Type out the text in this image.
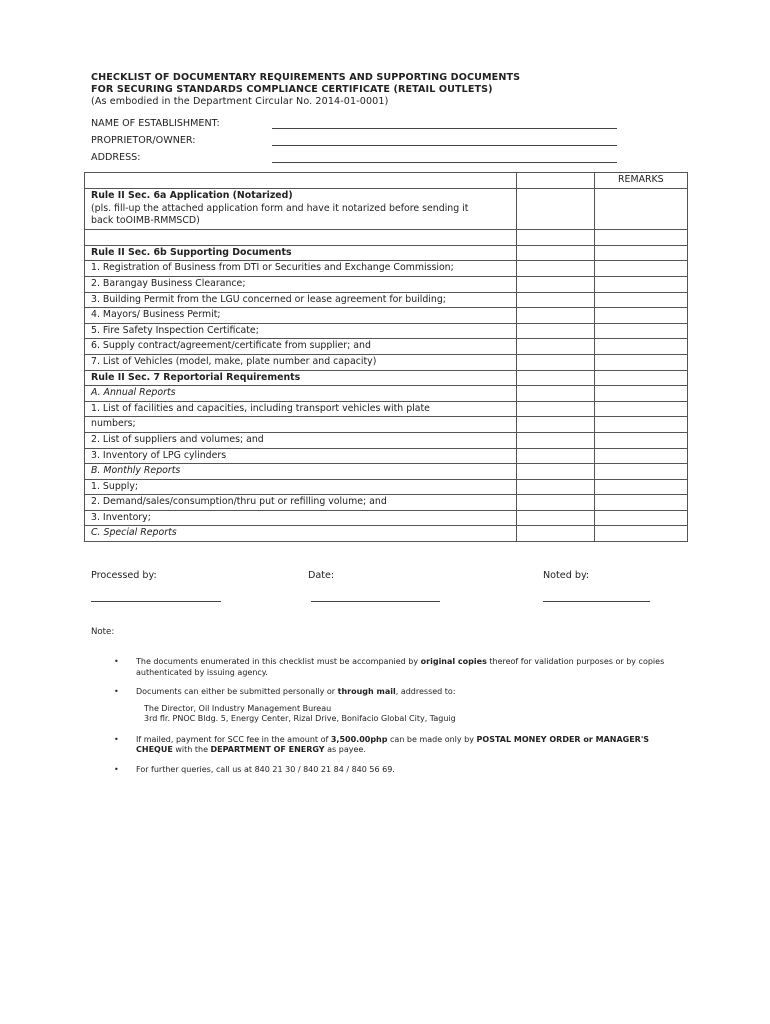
CHECKLIST OF DOCUMENTARY REQUIREMENTS AND SUPPORTING DOCUMENTS
FOR SECURING STANDARDS COMPLIANCE CERTIFICATE (RETAIL OUTLETS)
(As embodied in the Department Circular No. 2014-01-0001)
NAME OF ESTABLISHMENT:
PROPRIETOR/OWNER:
ADDRESS:
		REMARKS

Rule II Sec. 6a Application (Notarized)
(pls. fill-up the attached application form and have it notarized before sending it
back toOIMB-RMMSCD)		

Rule II Sec. 6b Supporting Documents		
1. Registration of Business from DTI or Securities and Exchange Commission;		
2. Barangay Business Clearance;		
3. Building Permit from the LGU concerned or lease agreement for building;		
4. Mayors/ Business Permit;		
5. Fire Safety Inspection Certificate;		
6. Supply contract/agreement/certificate from supplier; and		
7. List of Vehicles (model, make, plate number and capacity)		
Rule II Sec. 7 Reportorial Requirements		
A. Annual Reports		
1. List of facilities and capacities, including transport vehicles with plate		
numbers;		
2. List of suppliers and volumes; and		
3. Inventory of LPG cylinders		
B. Monthly Reports		
1. Supply;		
2. Demand/sales/consumption/thru put or refilling volume; and		
3. Inventory;		
C. Special Reports		
Processed by:	Date:	Noted by:
Note:
• The documents enumerated in this checklist must be accompanied by original copies thereof for validation purposes or by copies authenticated by issuing agency.
• Documents can either be submitted personally or through mail, addressed to:
The Director, Oil Industry Management Bureau
3rd flr. PNOC Bldg. 5, Energy Center, Rizal Drive, Bonifacio Global City, Taguig
• If mailed, payment for SCC fee in the amount of 3,500.00php can be made only by POSTAL MONEY ORDER or MANAGER'S CHEQUE with the DEPARTMENT OF ENERGY as payee.
• For further queries, call us at 840 21 30 / 840 21 84 / 840 56 69.
